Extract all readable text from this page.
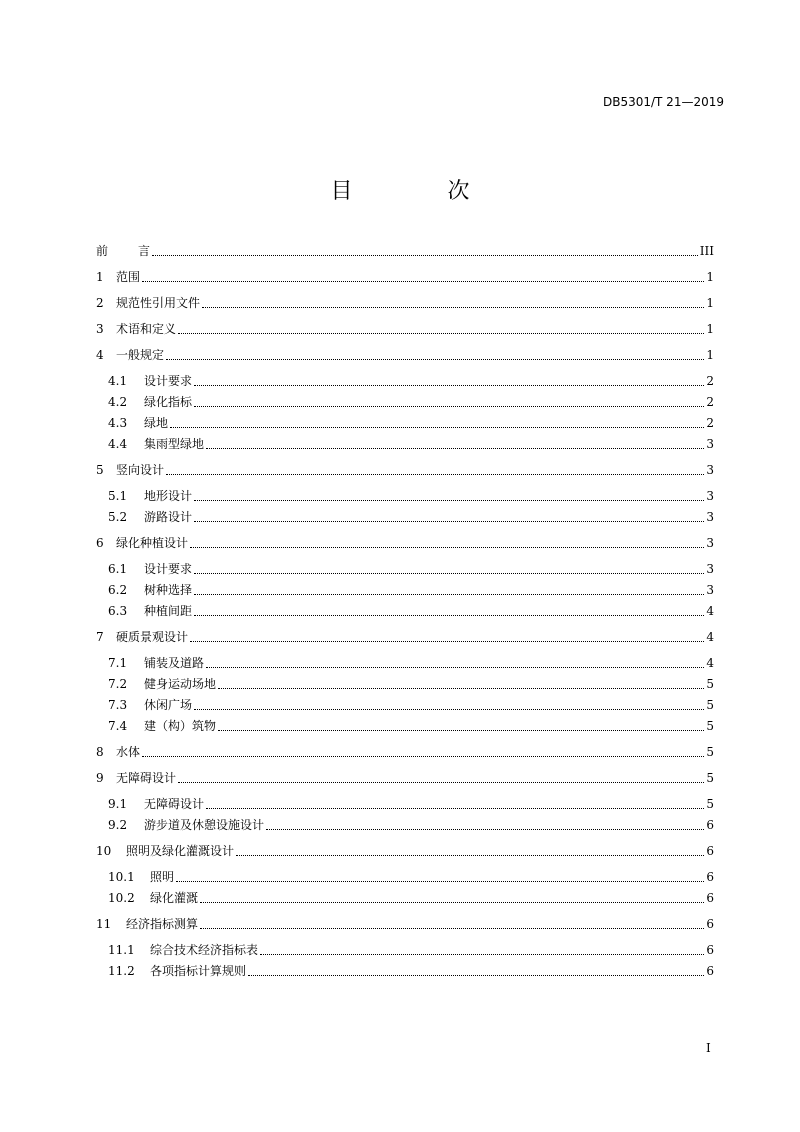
DB5301/T 21—2019
目 次
前	言	III
1	范围	1
2	规范性引用文件	1
3	术语和定义	1
4	一般规定	1
4.1	设计要求	2
4.2	绿化指标	2
4.3	绿地	2
4.4	集雨型绿地	3
5	竖向设计	3
5.1	地形设计	3
5.2	游路设计	3
6	绿化种植设计	3
6.1	设计要求	3
6.2	树种选择	3
6.3	种植间距	4
7	硬质景观设计	4
7.1	铺装及道路	4
7.2	健身运动场地	5
7.3	休闲广场	5
7.4	建（构）筑物	5
8	水体	5
9	无障碍设计	5
9.1	无障碍设计	5
9.2	游步道及休憩设施设计	6
10	照明及绿化灌溉设计	6
10.1	照明	6
10.2	绿化灌溉	6
11	经济指标测算	6
11.1	综合技术经济指标表	6
11.2	各项指标计算规则	6
I
